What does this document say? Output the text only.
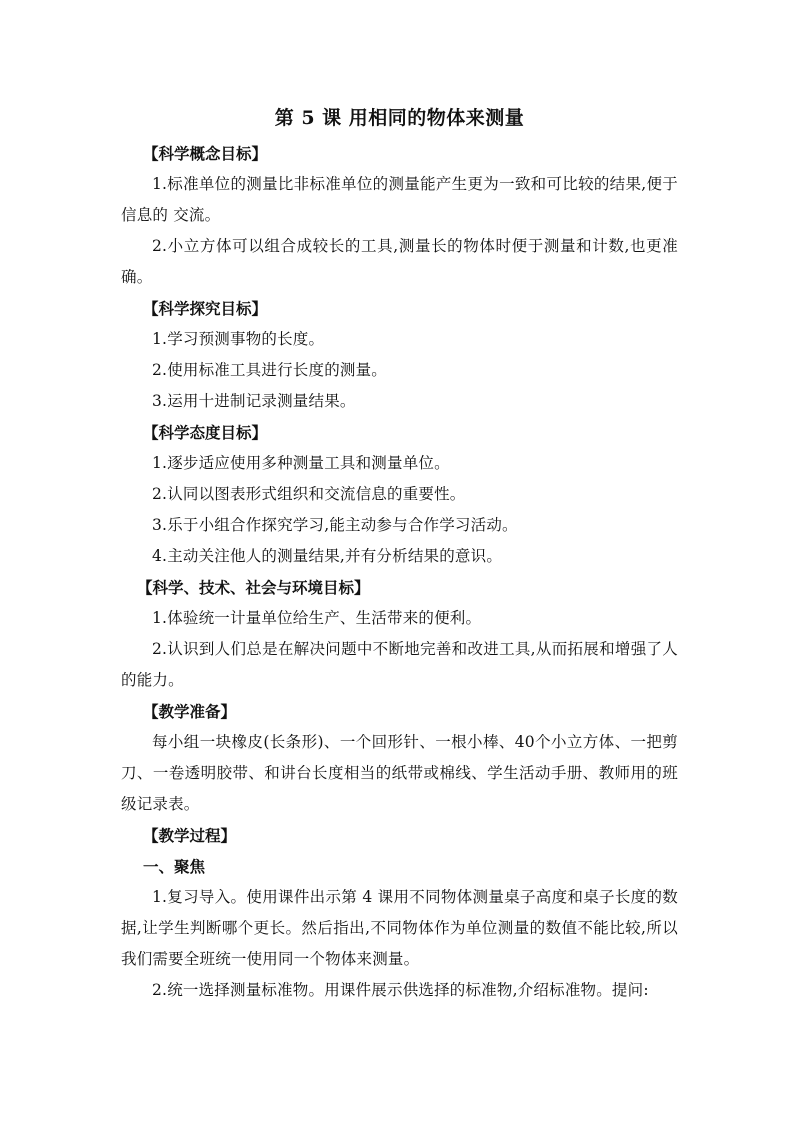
第 5 课 用相同的物体来测量

【科学概念目标】

1.标准单位的测量比非标准单位的测量能产生更为一致和可比较的结果,便于信息的 交流。

2.小立方体可以组合成较长的工具,测量长的物体时便于测量和计数,也更准确。

【科学探究目标】

1.学习预测事物的长度。

2.使用标准工具进行长度的测量。

3.运用十进制记录测量结果。

【科学态度目标】

1.逐步适应使用多种测量工具和测量单位。

2.认同以图表形式组织和交流信息的重要性。

3.乐于小组合作探究学习,能主动参与合作学习活动。

4.主动关注他人的测量结果,并有分析结果的意识。

【科学、技术、社会与环境目标】

1.体验统一计量单位给生产、生活带来的便利。

2.认识到人们总是在解决问题中不断地完善和改进工具,从而拓展和增强了人的能力。

【教学准备】

每小组一块橡皮(长条形)、一个回形针、一根小棒、40个小立方体、一把剪刀、一卷透明胶带、和讲台长度相当的纸带或棉线、学生活动手册、教师用的班级记录表。

【教学过程】

一、聚焦

1.复习导入。使用课件出示第 4 课用不同物体测量桌子高度和桌子长度的数据,让学生判断哪个更长。然后指出,不同物体作为单位测量的数值不能比较,所以我们需要全班统一使用同一个物体来测量。

2.统一选择测量标准物。用课件展示供选择的标准物,介绍标准物。提问:
